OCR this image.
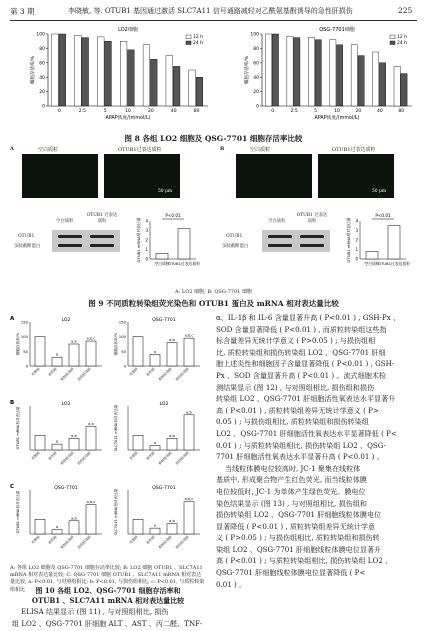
第 3 期	李晓敏, 等. OTUB1 基因通过激活 SLC7A11 信号通路减轻对乙酰氨基酚诱导的急性肝损伤	225
0
20
40
60
80
100
细胞存活率/%
LO2细胞
0	2.5	5	10	20	40	80
APAP浓度/(mmol/L)
12 h
24 h
0
20
40
60
80
100
细胞存活率/%
QSG-7701细胞
0	2.5	5	10	20	40	80
APAP浓度/(mmol/L)
12 h
24 h
图 8 各组 LO2 细胞及 QSG-7701 细胞存活率比较
A	B
空白质粒	OTUB1过表达质粒	空白质粒	OTUB1过表达质粒
50 μm	50 μm
空白质粒
OTUB1 过表达质粒
OTUB1
多肽截断蛋白
空白质粒
OTUB1 过表达质粒
OTUB1
多肽截断蛋白
0
1
2
3
4
OTUB1 mRNA相对表达量
空白质粒
OTUB1过表达质粒
P<0.01
0
1
2
3
4
OTUB1 mRNA相对表达量
空白质粒
OTUB1过表达质粒
P<0.01
A: LO2 细胞; B: QSG-7701 细胞
图 9 不同质粒转染组荧光染色和 OTUB1 蛋白及 mRNA 相对表达量比较
A	LO2
0
50
100
150
细胞存活率/%
对照组
a
损伤组
a,b
质粒转染组
a,b,c
损伤转染组
QSG-7701
0
50
100
150
细胞存活率/%
对照组
a
损伤组
a,b
质粒转染组
a,b,c
损伤转染组
B	LO2
OTUB1 mRNA相对表达量
对照组
a
损伤组
a,b
质粒转染组
a,b
损伤转染组
LO2
SLC7A11 mRNA相对表达量
对照组
a
损伤组
a,b
质粒转染组
a,b
损伤转染组
C	QSG-7701
OTUB1 mRNA相对表达量
对照组
a
损伤组
a,b
质粒转染组
a,b,c
损伤转染组
QSG-7701
SLC7A11 mRNA相对表达量
对照组
a
损伤组
a,b
质粒转染组
a,b,c
损伤转染组
A: 各组 LO2 细胞及 QSG-7701 细胞存活率比较; B: LO2 细胞 OTUB1 、SLC7A11 mRNA 相对表达量比较; C: QSG-7701 细胞 OTUB1 、SLC7A11 mRNA 相对表达量比较; a: P<0.01, 与对照组相比; b: P<0.01, 与损伤组相比; c: P<0.01, 与质粒转染组相比	图 10 各组 LO2、QSG-7701 细胞存活率和
OTUB1 、SLC7A11 mRNA 相对表达量比较
ELISA 结果显示 (图 11) , 与对照组相比, 损伤
组 LO2 、QSG-7701 肝细胞 ALT 、AST 、丙二醛、TNF-
α、IL-1β 和 IL-6 含量显著升高 ( P<0.01 ) , GSH-Px 、
SOD 含量显著降低 ( P<0.01 ) , 而质粒转染组这些指
标含量差异无统计学意义 ( P>0.05 ) ; 与损伤组相
比, 质粒转染组和损伤转染组 LO2 、QSG-7701 肝细
胞上述炎性和细胞因子含量显著降低 ( P<0.01 ) , GSH-
Px 、SOD 含量显著升高 ( P<0.01 ) 。流式细胞术检
测结果显示 (图 12) , 与对照组相比, 损伤组和损伤
转染组 LO2 、QSG-7701 肝细胞活性氧表达水平显著升
高 ( P<0.01 ) , 质粒转染组差异无统计学意义 ( P>
0.05 ) ; 与损伤组相比, 质粒转染组和损伤转染组
LO2 、QSG-7701 肝细胞活性氧表达水平显著降低 ( P<
0.01 ) ; 与质粒转染组相比, 损伤转染组 LO2 、QSG-
7701 肝细胞活性氧表达水平显著升高 ( P<0.01 ) 。
当线粒体膜电位较高时, JC-1 聚集在线粒体
基质中, 形成聚合物产生红色荧光, 而当线粒体膜
电位较低时, JC-1 为单体产生绿色荧光。膜电位
染色结果显示 (图 13) , 与对照组相比, 损伤组和
损伤转染组 LO2 、QSG-7701 肝细胞线粒体膜电位
显著降低 ( P<0.01 ) , 质粒转染组差异无统计学意
义 ( P>0.05 ) ; 与损伤组相比, 质粒转染组和损伤转
染组 LO2 、QSG-7701 肝细胞线粒体膜电位显著升
高 ( P<0.01 ) ; 与质粒转染组相比, 损伤转染组 LO2 、
QSG-7701 肝细胞线粒体膜电位显著降低 ( P<
0.01 ) 。
